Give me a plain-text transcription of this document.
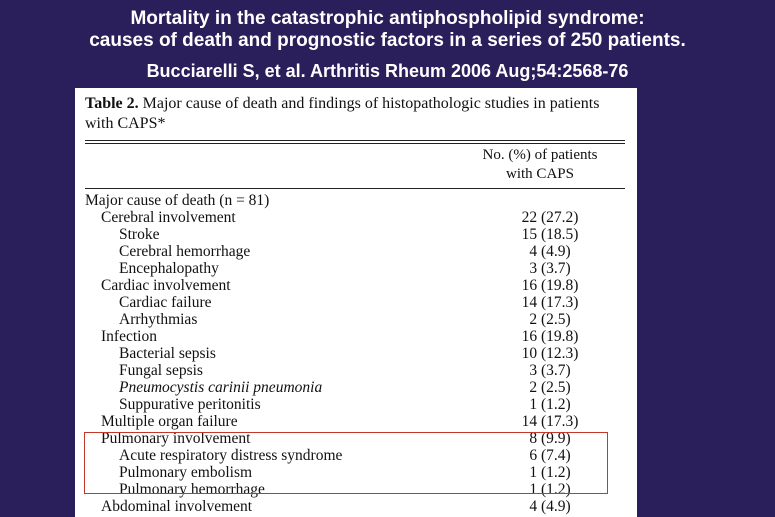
Mortality in the catastrophic antiphospholipid syndrome:
causes of death and prognostic factors in a series of 250 patients.
Bucciarelli S, et al. Arthritis Rheum 2006 Aug;54:2568-76
Table 2. Major cause of death and findings of histopathologic studies in patients with CAPS*
No. (%) of patients
with CAPS
Major cause of death (n = 81)
Cerebral involvement	22 (27.2)
Stroke	15 (18.5)
Cerebral hemorrhage	4 (4.9)
Encephalopathy	3 (3.7)
Cardiac involvement	16 (19.8)
Cardiac failure	14 (17.3)
Arrhythmias	2 (2.5)
Infection	16 (19.8)
Bacterial sepsis	10 (12.3)
Fungal sepsis	3 (3.7)
Pneumocystis carinii pneumonia	2 (2.5)
Suppurative peritonitis	1 (1.2)
Multiple organ failure	14 (17.3)
Pulmonary involvement	8 (9.9)
Acute respiratory distress syndrome	6 (7.4)
Pulmonary embolism	1 (1.2)
Pulmonary hemorrhage	1 (1.2)
Abdominal involvement	4 (4.9)
